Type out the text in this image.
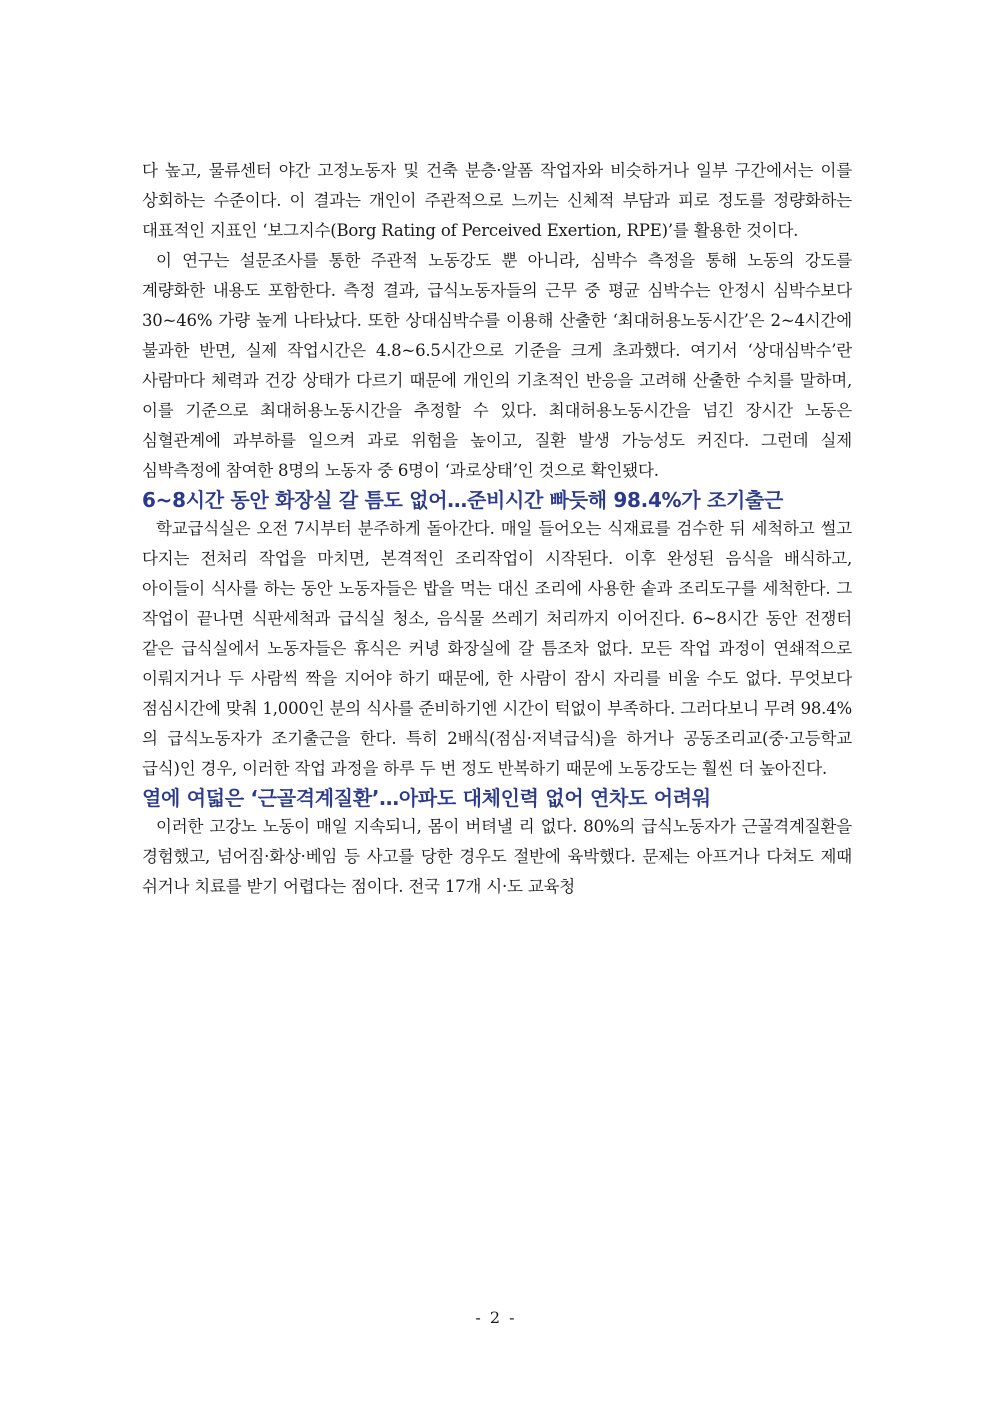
다 높고, 물류센터 야간 고정노동자 및 건축 분층·알폼 작업자와 비슷하거나 일부 구간에서는 이를 상회하는 수준이다. 이 결과는 개인이 주관적으로 느끼는 신체적 부담과 피로 정도를 정량화하는 대표적인 지표인 ‘보그지수(Borg Rating of Perceived Exertion, RPE)’를 활용한 것이다.

이 연구는 설문조사를 통한 주관적 노동강도 뿐 아니라, 심박수 측정을 통해 노동의 강도를 계량화한 내용도 포함한다. 측정 결과, 급식노동자들의 근무 중 평균 심박수는 안정시 심박수보다 30~46% 가량 높게 나타났다. 또한 상대심박수를 이용해 산출한 ‘최대허용노동시간’은 2~4시간에 불과한 반면, 실제 작업시간은 4.8~6.5시간으로 기준을 크게 초과했다. 여기서 ‘상대심박수’란 사람마다 체력과 건강 상태가 다르기 때문에 개인의 기초적인 반응을 고려해 산출한 수치를 말하며, 이를 기준으로 최대허용노동시간을 추정할 수 있다. 최대허용노동시간을 넘긴 장시간 노동은 심혈관계에 과부하를 일으켜 과로 위험을 높이고, 질환 발생 가능성도 커진다. 그런데 실제 심박측정에 참여한 8명의 노동자 중 6명이 ‘과로상태’인 것으로 확인됐다.

6~8시간 동안 화장실 갈 틈도 없어…준비시간 빠듯해 98.4%가 조기출근

학교급식실은 오전 7시부터 분주하게 돌아간다. 매일 들어오는 식재료를 검수한 뒤 세척하고 썰고 다지는 전처리 작업을 마치면, 본격적인 조리작업이 시작된다. 이후 완성된 음식을 배식하고, 아이들이 식사를 하는 동안 노동자들은 밥을 먹는 대신 조리에 사용한 솥과 조리도구를 세척한다. 그 작업이 끝나면 식판세척과 급식실 청소, 음식물 쓰레기 처리까지 이어진다. 6~8시간 동안 전쟁터 같은 급식실에서 노동자들은 휴식은 커녕 화장실에 갈 틈조차 없다. 모든 작업 과정이 연쇄적으로 이뤄지거나 두 사람씩 짝을 지어야 하기 때문에, 한 사람이 잠시 자리를 비울 수도 없다. 무엇보다 점심시간에 맞춰 1,000인 분의 식사를 준비하기엔 시간이 턱없이 부족하다. 그러다보니 무려 98.4%의 급식노동자가 조기출근을 한다. 특히 2배식(점심·저녁급식)을 하거나 공동조리교(중·고등학교 급식)인 경우, 이러한 작업 과정을 하루 두 번 정도 반복하기 때문에 노동강도는 훨씬 더 높아진다.

열에 여덟은 ‘근골격계질환’…아파도 대체인력 없어 연차도 어려워

이러한 고강노 노동이 매일 지속되니, 몸이 버텨낼 리 없다. 80%의 급식노동자가 근골격계질환을 경험했고, 넘어짐·화상·베임 등 사고를 당한 경우도 절반에 육박했다. 문제는 아프거나 다쳐도 제때 쉬거나 치료를 받기 어렵다는 점이다. 전국 17개 시·도 교육청

- 2 -
